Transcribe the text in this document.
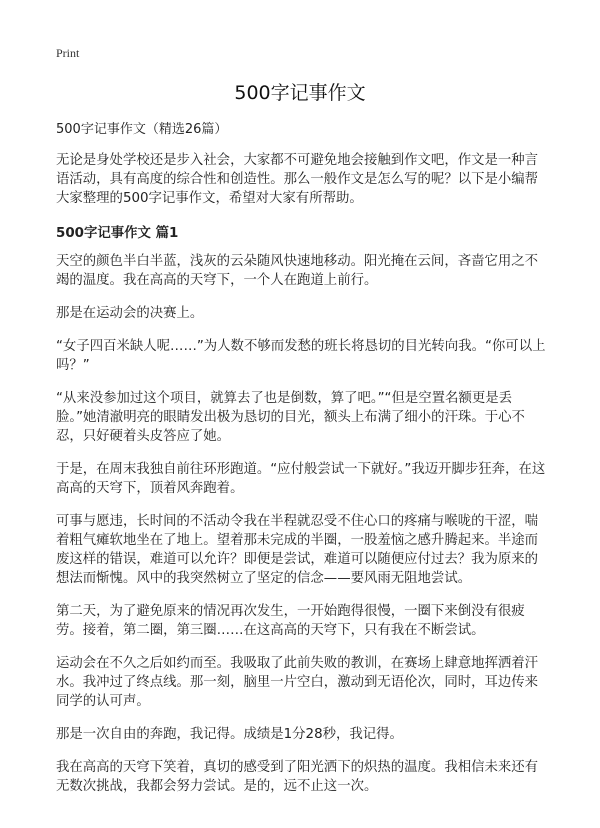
Print
500字记事作文

500字记事作文（精选26篇）

无论是身处学校还是步入社会，大家都不可避免地会接触到作文吧，作文是一种言语活动，具有高度的综合性和创造性。那么一般作文是怎么写的呢？以下是小编帮大家整理的500字记事作文，希望对大家有所帮助。

500字记事作文 篇1

天空的颜色半白半蓝，浅灰的云朵随风快速地移动。阳光掩在云间，吝啬它用之不竭的温度。我在高高的天穹下，一个人在跑道上前行。

那是在运动会的决赛上。

“女子四百米缺人呢……”为人数不够而发愁的班长将恳切的目光转向我。“你可以上吗？”

“从来没参加过这个项目，就算去了也是倒数，算了吧。”“但是空置名额更是丢脸。”她清澈明亮的眼睛发出极为恳切的目光，额头上布满了细小的汗珠。于心不忍，只好硬着头皮答应了她。

于是，在周末我独自前往环形跑道。“应付般尝试一下就好。”我迈开脚步狂奔，在这高高的天穹下，顶着风奔跑着。

可事与愿违，长时间的不活动令我在半程就忍受不住心口的疼痛与喉咙的干涩，喘着粗气瘫软地坐在了地上。望着那未完成的半圈，一股羞恼之感升腾起来。半途而废这样的错误，难道可以允许？即便是尝试，难道可以随便应付过去？我为原来的想法而惭愧。风中的我突然树立了坚定的信念——要风雨无阻地尝试。

第二天，为了避免原来的情况再次发生，一开始跑得很慢，一圈下来倒没有很疲劳。接着，第二圈，第三圈……在这高高的天穹下，只有我在不断尝试。

运动会在不久之后如约而至。我吸取了此前失败的教训，在赛场上肆意地挥洒着汗水。我冲过了终点线。那一刻，脑里一片空白，激动到无语伦次，同时，耳边传来同学的认可声。

那是一次自由的奔跑，我记得。成绩是1分28秒，我记得。

我在高高的天穹下笑着，真切的感受到了阳光洒下的炽热的温度。我相信未来还有无数次挑战，我都会努力尝试。是的，远不止这一次。
